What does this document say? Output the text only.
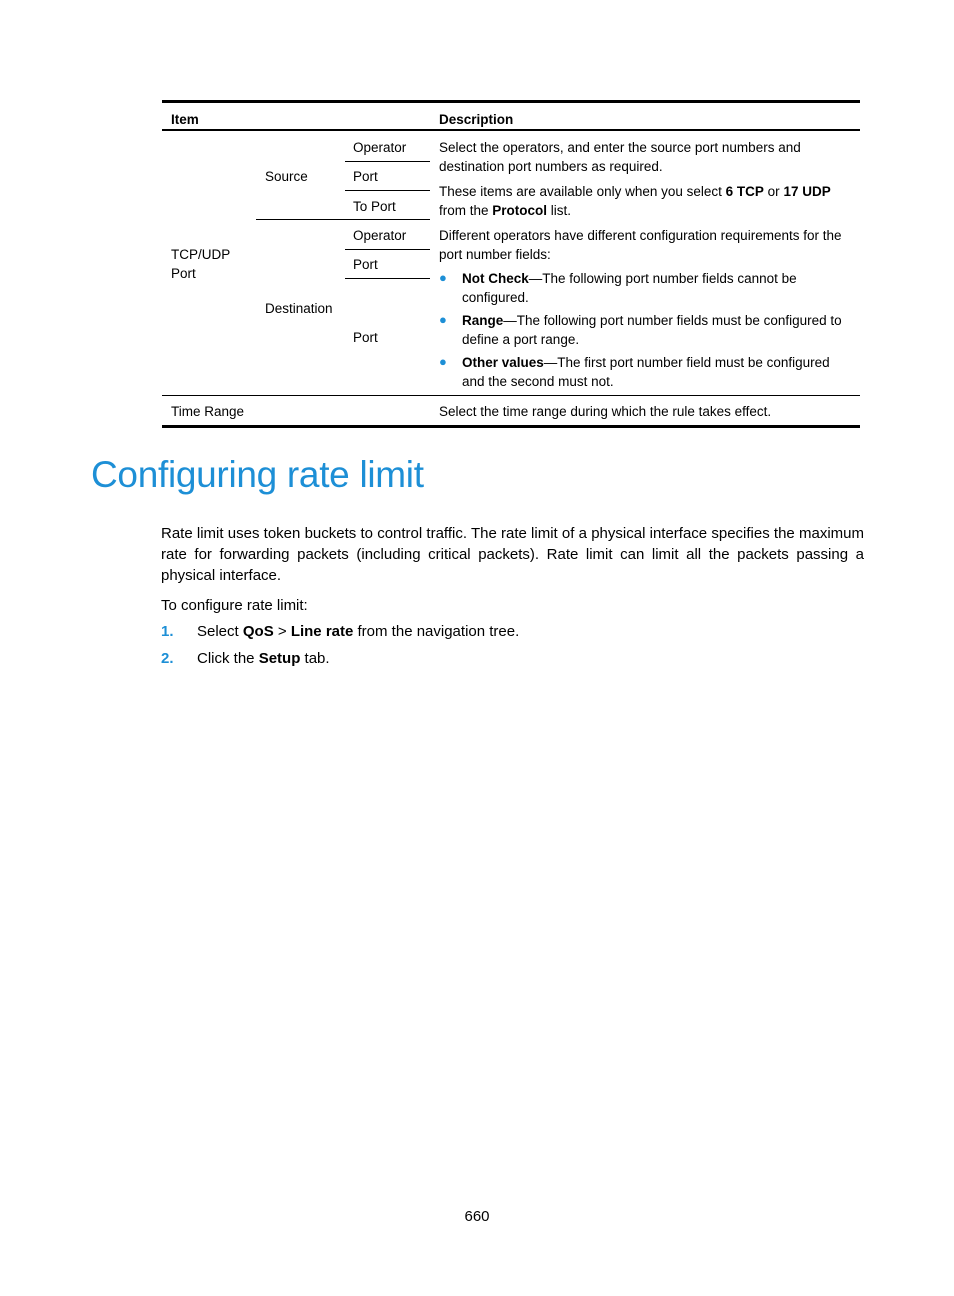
Item	Description
TCP/UDP
Port
Source
Operator
Port
To Port
Select the operators, and enter the source port numbers and destination port numbers as required.
These items are available only when you select 6 TCP or 17 UDP
from the Protocol list.
Destination
Operator
Port
Port
Different operators have different configuration requirements for the port number fields:
● Not Check—The following port number fields cannot be configured.
● Range—The following port number fields must be configured to define a port range.
● Other values—The first port number field must be configured and the second must not.
Time Range	Select the time range during which the rule takes effect.
Configuring rate limit
Rate limit uses token buckets to control traffic. The rate limit of a physical interface specifies the maximum rate for forwarding packets (including critical packets). Rate limit can limit all the packets passing a physical interface.
To configure rate limit:
1. Select QoS > Line rate from the navigation tree.
2. Click the Setup tab.
660
